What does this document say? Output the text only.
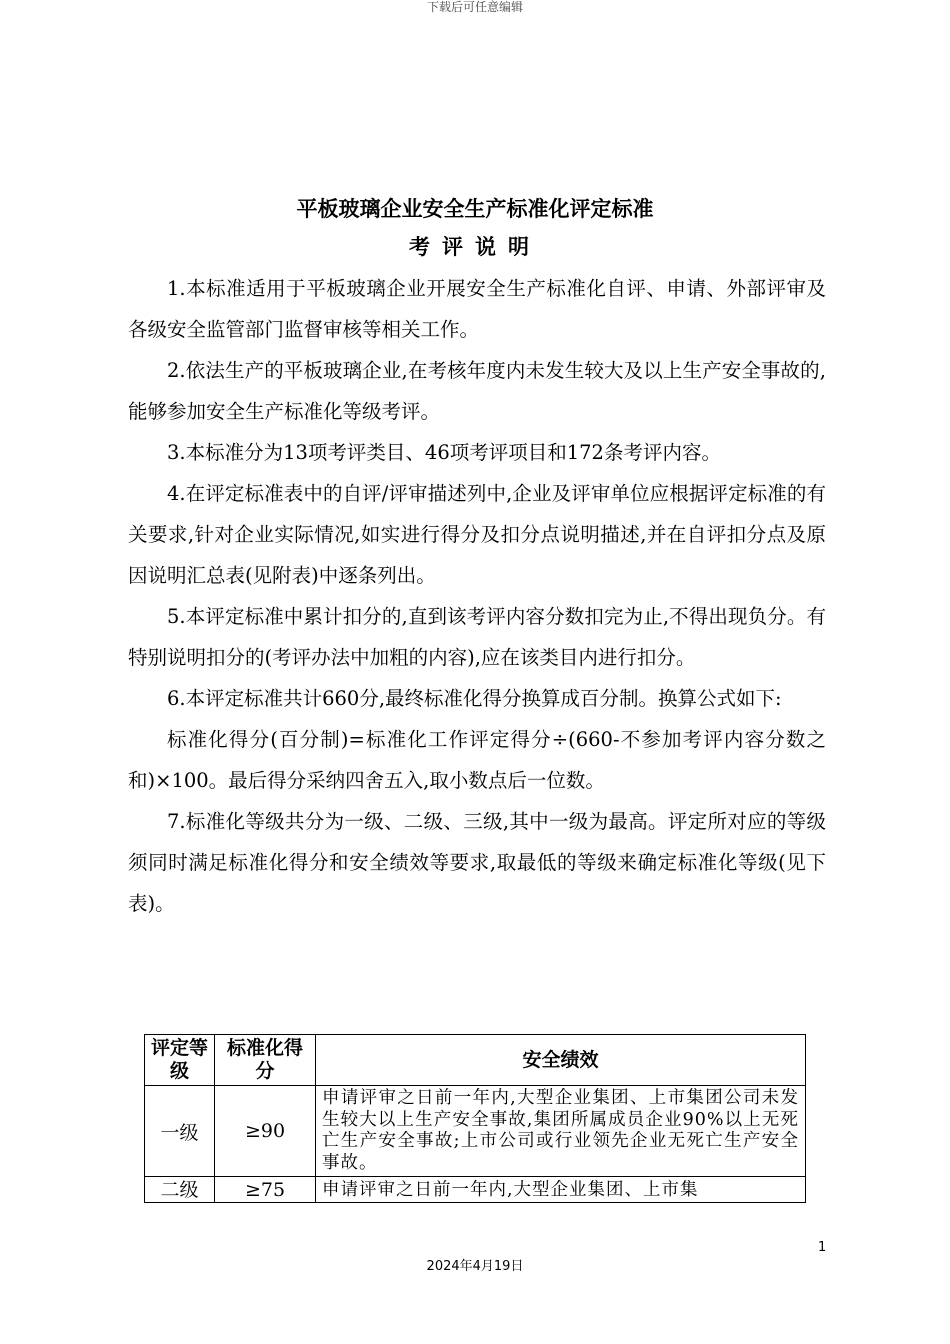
下载后可任意编辑
平板玻璃企业安全生产标准化评定标准
考评说明

1.本标准适用于平板玻璃企业开展安全生产标准化自评、申请、外部评审及各级安全监管部门监督审核等相关工作。

2.依法生产的平板玻璃企业,在考核年度内未发生较大及以上生产安全事故的,能够参加安全生产标准化等级考评。

3.本标准分为13项考评类目、46项考评项目和172条考评内容。

4.在评定标准表中的自评/评审描述列中,企业及评审单位应根据评定标准的有关要求,针对企业实际情况,如实进行得分及扣分点说明描述,并在自评扣分点及原因说明汇总表(见附表)中逐条列出。

5.本评定标准中累计扣分的,直到该考评内容分数扣完为止,不得出现负分。有特别说明扣分的(考评办法中加粗的内容),应在该类目内进行扣分。

6.本评定标准共计660分,最终标准化得分换算成百分制。换算公式如下:

标准化得分(百分制)=标准化工作评定得分÷(660-不参加考评内容分数之和)×100。最后得分采纳四舍五入,取小数点后一位数。

7.标准化等级共分为一级、二级、三级,其中一级为最高。评定所对应的等级须同时满足标准化得分和安全绩效等要求,取最低的等级来确定标准化等级(见下表)。

评定等级	标准化得分	安全绩效
一级	≥90	申请评审之日前一年内,大型企业集团、上市集团公司未发生较大以上生产安全事故,集团所属成员企业90%以上无死亡生产安全事故;上市公司或行业领先企业无死亡生产安全事故。
二级	≥75	申请评审之日前一年内,大型企业集团、上市集
1
2024年4月19日
